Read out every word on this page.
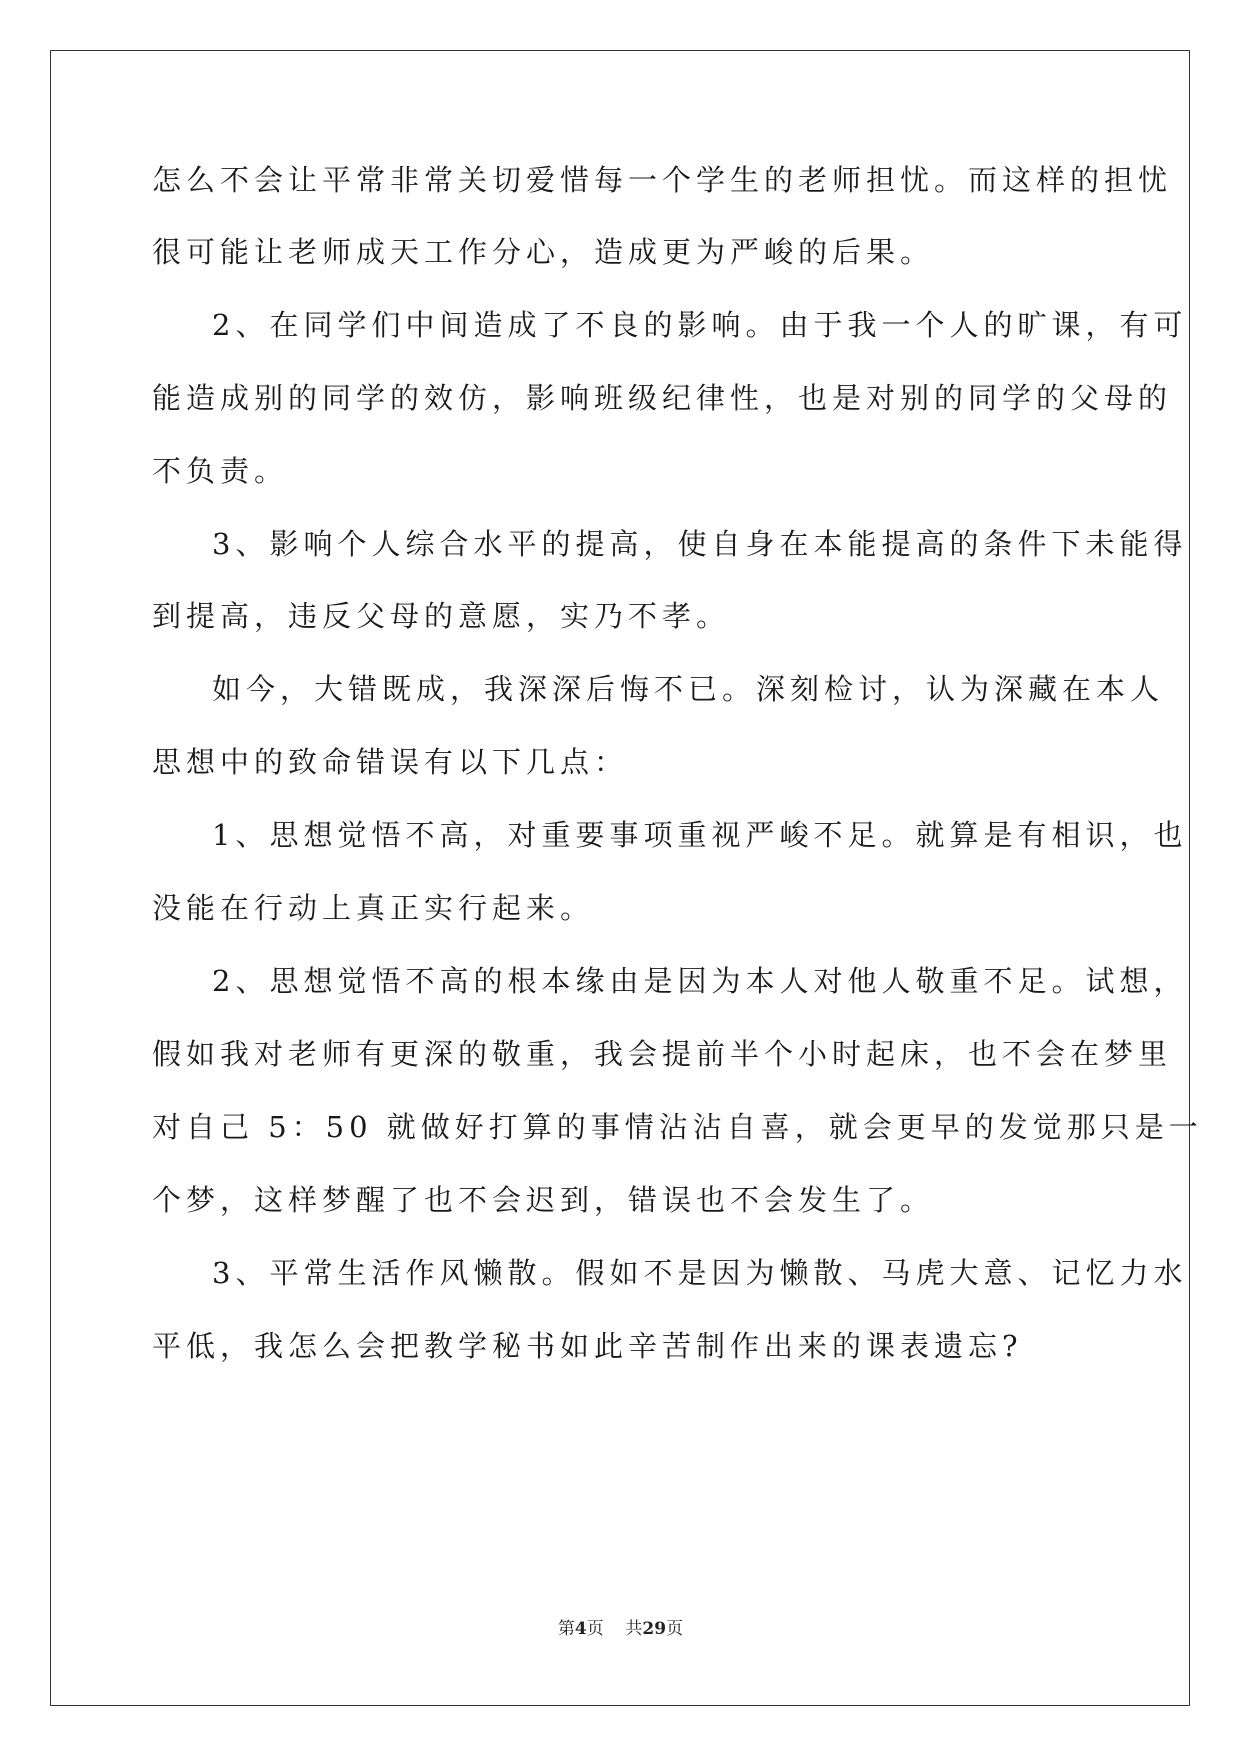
怎么不会让平常非常关切爱惜每一个学生的老师担忧。而这样的担忧
很可能让老师成天工作分心，造成更为严峻的后果。
2、在同学们中间造成了不良的影响。由于我一个人的旷课，有可
能造成别的同学的效仿，影响班级纪律性，也是对别的同学的父母的
不负责。
3、影响个人综合水平的提高，使自身在本能提高的条件下未能得
到提高，违反父母的意愿，实乃不孝。
如今，大错既成，我深深后悔不已。深刻检讨，认为深藏在本人
思想中的致命错误有以下几点：
1、思想觉悟不高，对重要事项重视严峻不足。就算是有相识，也
没能在行动上真正实行起来。
2、思想觉悟不高的根本缘由是因为本人对他人敬重不足。试想，
假如我对老师有更深的敬重，我会提前半个小时起床，也不会在梦里
对自己 5：50 就做好打算的事情沾沾自喜，就会更早的发觉那只是一
个梦，这样梦醒了也不会迟到，错误也不会发生了。
3、平常生活作风懒散。假如不是因为懒散、马虎大意、记忆力水
平低，我怎么会把教学秘书如此辛苦制作出来的课表遗忘?
第4页 共29页
